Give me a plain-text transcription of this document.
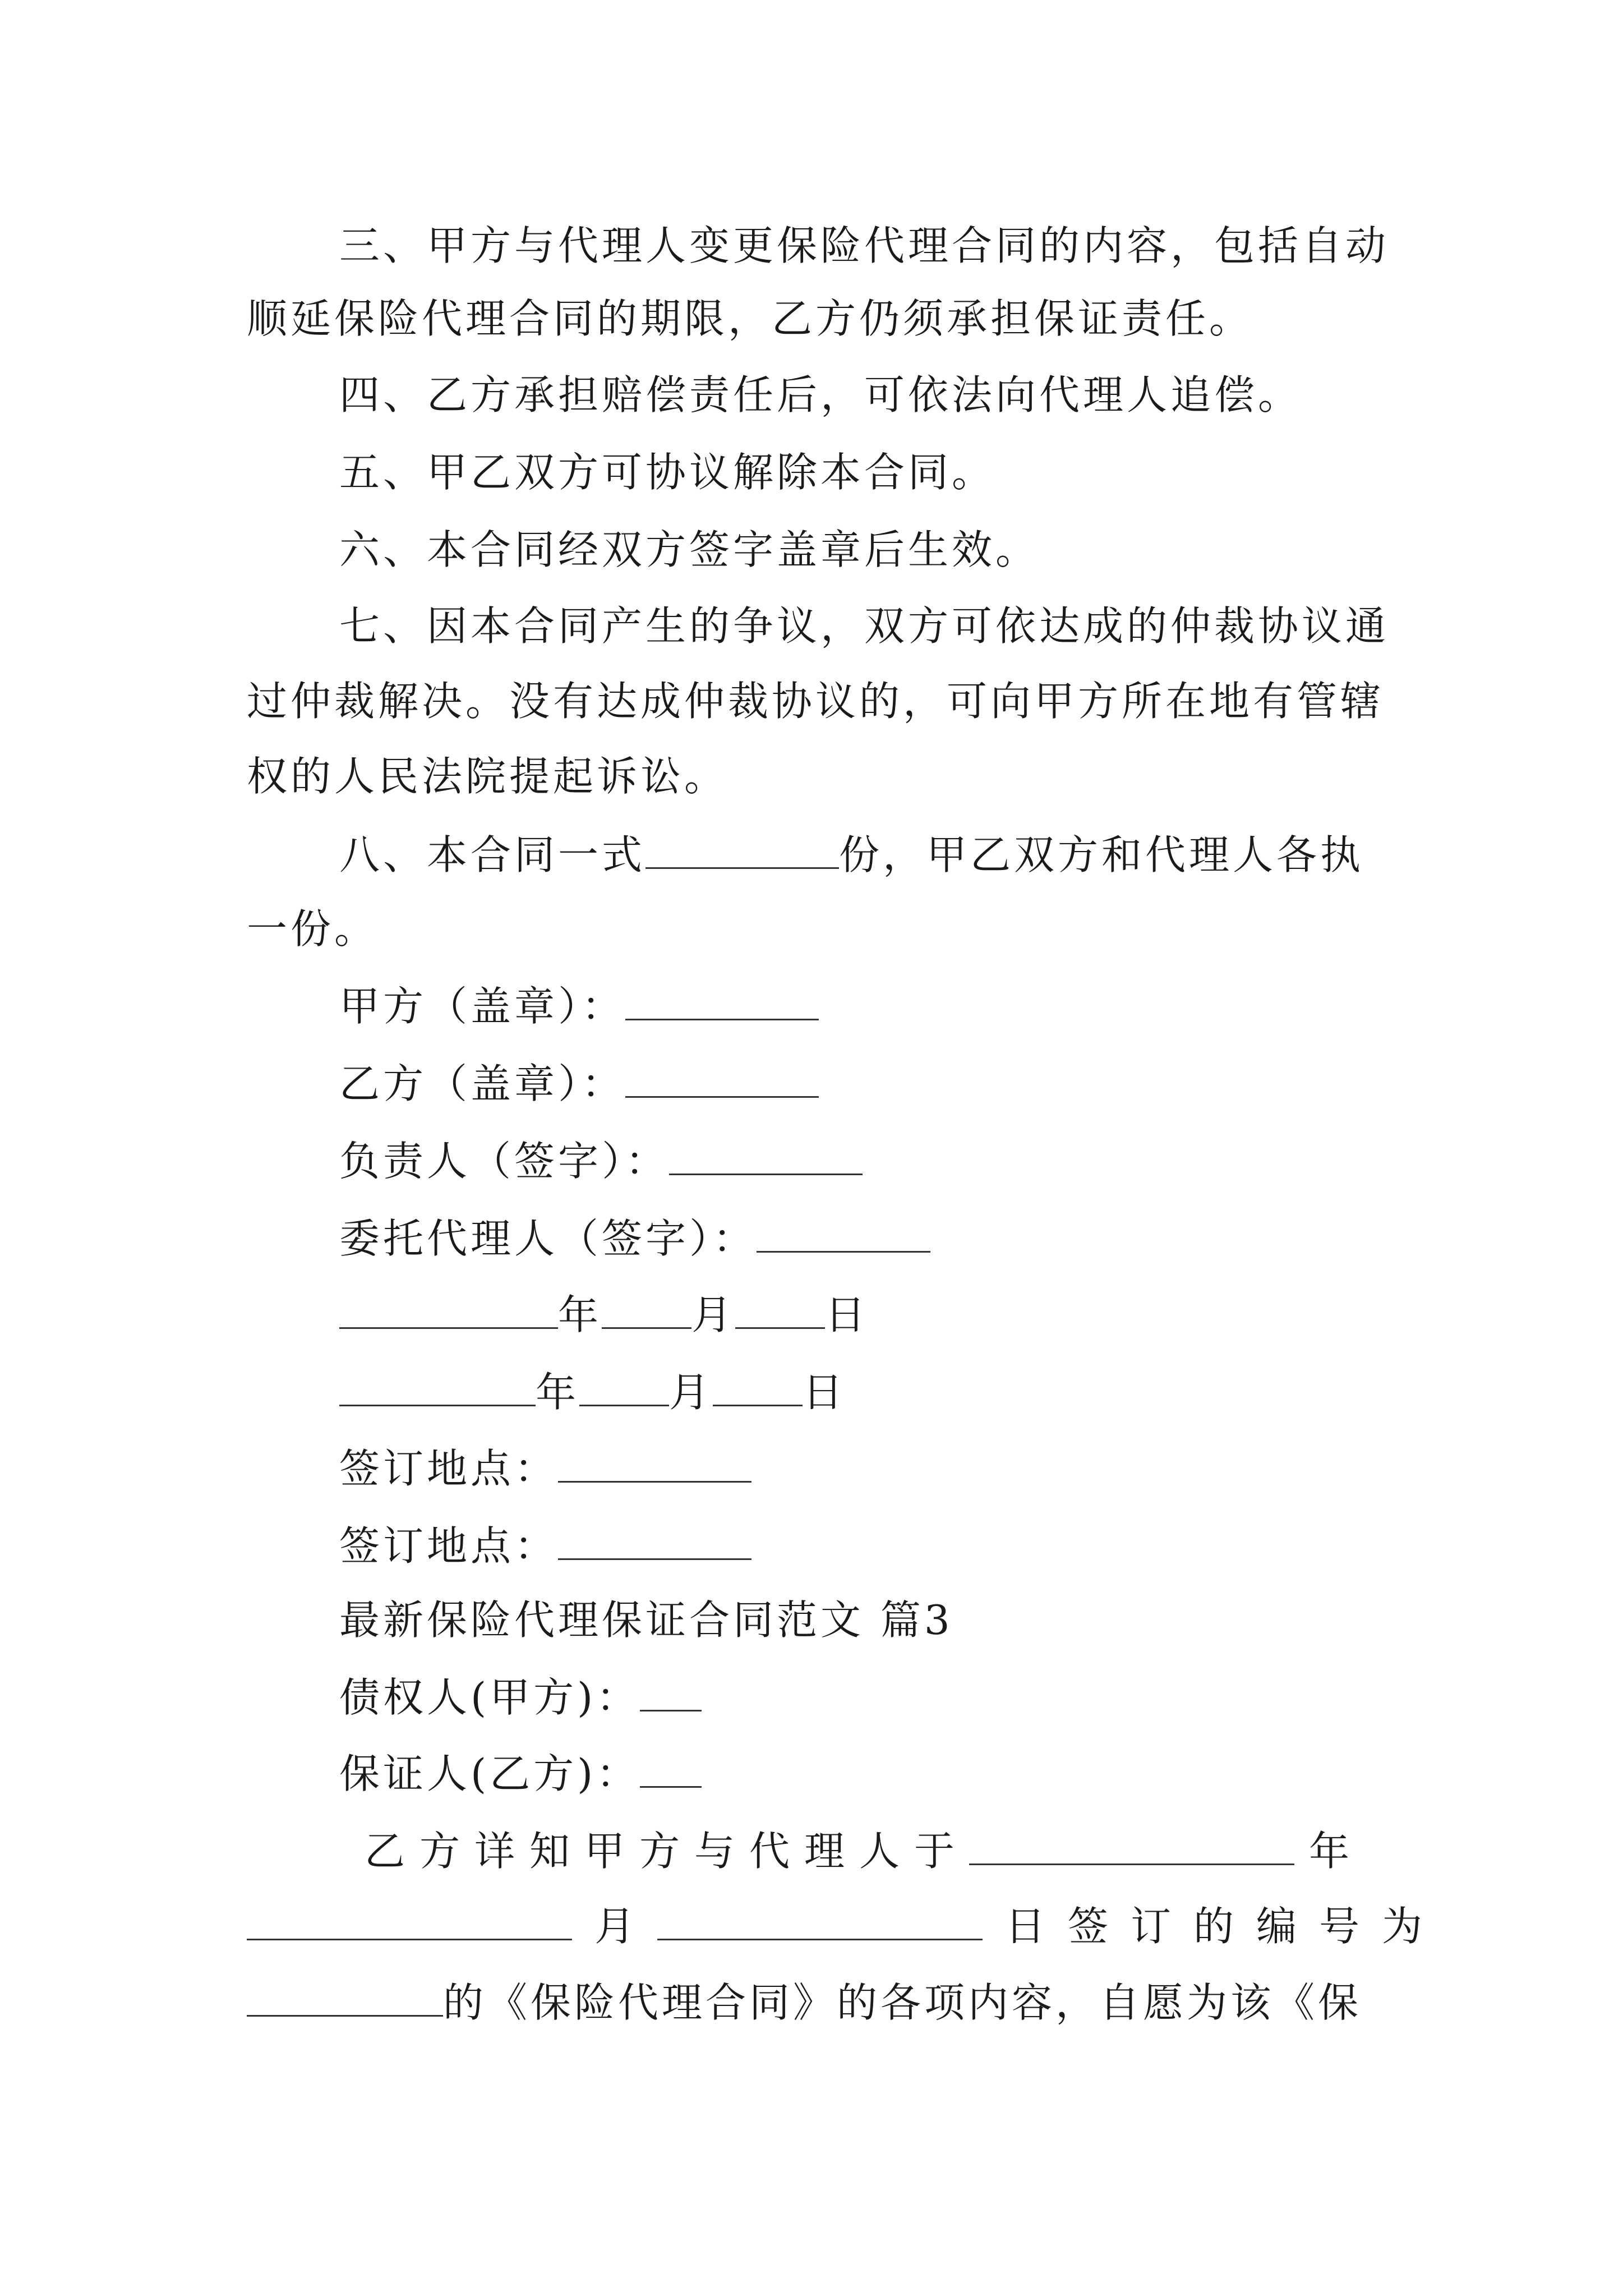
三、甲方与代理人变更保险代理合同的内容，包括自动
顺延保险代理合同的期限，乙方仍须承担保证责任。
四、乙方承担赔偿责任后，可依法向代理人追偿。
五、甲乙双方可协议解除本合同。
六、本合同经双方签字盖章后生效。
七、因本合同产生的争议，双方可依达成的仲裁协议通
过仲裁解决。没有达成仲裁协议的，可向甲方所在地有管辖
权的人民法院提起诉讼。
八、本合同一式	份，甲乙双方和代理人各执
一份。
甲方（盖章）：
乙方（盖章）：
负责人（签字）：
委托代理人（签字）：
年 月 日
年 月 日
签订地点：
签订地点：
最新保险代理保证合同范文 篇3
债权人(甲方)：
保证人(乙方)：
乙方详知甲方与代理人于	年
月	日签订的编号为
的《保险代理合同》的各项内容，自愿为该《保
